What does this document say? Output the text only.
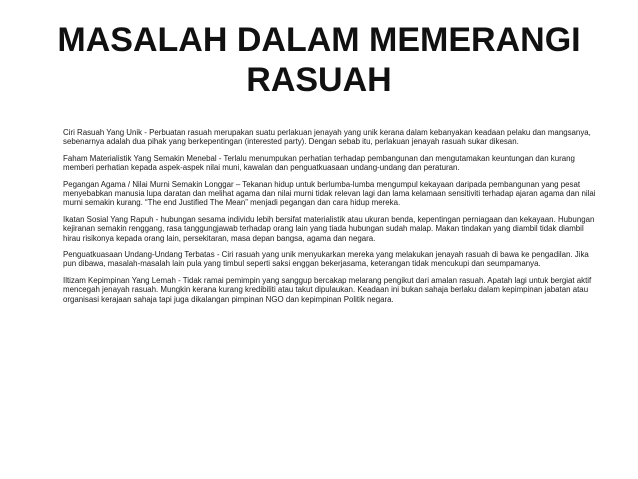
MASALAH DALAM MEMERANGI RASUAH

Ciri Rasuah Yang Unik - Perbuatan rasuah merupakan suatu perlakuan jenayah yang unik kerana dalam kebanyakan keadaan pelaku dan mangsanya, sebenarnya adalah dua pihak yang berkepentingan (interested party). Dengan sebab itu, perlakuan jenayah rasuah sukar dikesan.

Faham Materialistik Yang Semakin Menebal - Terlalu menumpukan perhatian terhadap pembangunan dan mengutamakan keuntungan dan kurang memberi perhatian kepada aspek-aspek nilai muni, kawalan dan penguatkuasaan undang-undang dan peraturan.

Pegangan Agama / Nilai Murni Semakin Longgar – Tekanan hidup untuk berlumba-lumba mengumpul kekayaan daripada pembangunan yang pesat menyebabkan manusia lupa daratan dan melihat agama dan nilai murni tidak relevan lagi dan lama kelamaan sensitiviti terhadap ajaran agama dan nilai murni semakin kurang. “The end Justified The Mean” menjadi pegangan dan cara hidup mereka.

Ikatan Sosial Yang Rapuh - hubungan sesama individu lebih bersifat materialistik atau ukuran benda, kepentingan perniagaan dan kekayaan. Hubungan kejiranan semakin renggang, rasa tanggungjawab terhadap orang lain yang tiada hubungan sudah malap. Makan tindakan yang diambil tidak diambil hirau risikonya kepada orang lain, persekitaran, masa depan bangsa, agama dan negara.

Penguatkuasaan Undang-Undang Terbatas - Ciri rasuah yang unik menyukarkan mereka yang melakukan jenayah rasuah di bawa ke pengadilan. Jika pun dibawa, masalah-masalah lain pula yang timbul seperti saksi enggan bekerjasama, keterangan tidak mencukupi dan seumpamanya.

Iltizam Kepimpinan Yang Lemah - Tidak ramai pemimpin yang sanggup bercakap melarang pengikut dari amalan rasuah. Apatah lagi untuk bergiat aktif mencegah jenayah rasuah. Mungkin kerana kurang kredibiliti atau takut dipulaukan. Keadaan ini bukan sahaja berlaku dalam kepimpinan jabatan atau organisasi kerajaan sahaja tapi juga dikalangan pimpinan NGO dan kepimpinan Politik negara.
